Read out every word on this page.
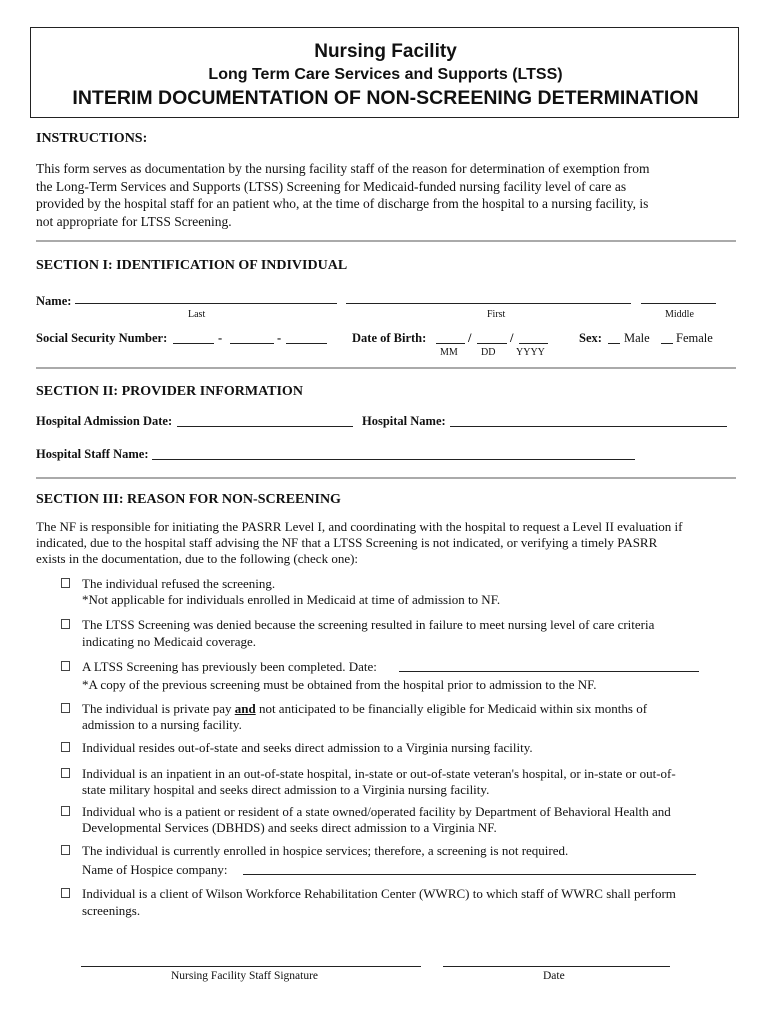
Nursing Facility
Long Term Care Services and Supports (LTSS)
INTERIM DOCUMENTATION OF NON-SCREENING DETERMINATION
INSTRUCTIONS:
This form serves as documentation by the nursing facility staff of the reason for determination of exemption from
the Long-Term Services and Supports (LTSS) Screening for Medicaid-funded nursing facility level of care as
provided by the hospital staff for an patient who, at the time of discharge from the hospital to a nursing facility, is
not appropriate for LTSS Screening.
SECTION I: IDENTIFICATION OF INDIVIDUAL
Name:
Last	First	Middle
Social Security Number:	-	-	Date of Birth:	/	/
MM DD YYYY
Sex: Male Female
SECTION II: PROVIDER INFORMATION
Hospital Admission Date:	Hospital Name:
Hospital Staff Name:
SECTION III: REASON FOR NON-SCREENING
The NF is responsible for initiating the PASRR Level I, and coordinating with the hospital to request a Level II evaluation if
indicated, due to the hospital staff advising the NF that a LTSS Screening is not indicated, or verifying a timely PASRR
exists in the documentation, due to the following (check one):
The individual refused the screening.
*Not applicable for individuals enrolled in Medicaid at time of admission to NF.
The LTSS Screening was denied because the screening resulted in failure to meet nursing level of care criteria
indicating no Medicaid coverage.
A LTSS Screening has previously been completed. Date:
*A copy of the previous screening must be obtained from the hospital prior to admission to the NF.
The individual is private pay and not anticipated to be financially eligible for Medicaid within six months of
admission to a nursing facility.
Individual resides out-of-state and seeks direct admission to a Virginia nursing facility.
Individual is an inpatient in an out-of-state hospital, in-state or out-of-state veteran's hospital, or in-state or out-of-
state military hospital and seeks direct admission to a Virginia nursing facility.
Individual who is a patient or resident of a state owned/operated facility by Department of Behavioral Health and
Developmental Services (DBHDS) and seeks direct admission to a Virginia NF.
The individual is currently enrolled in hospice services; therefore, a screening is not required.
Name of Hospice company:
Individual is a client of Wilson Workforce Rehabilitation Center (WWRC) to which staff of WWRC shall perform
screenings.
Nursing Facility Staff Signature	Date
